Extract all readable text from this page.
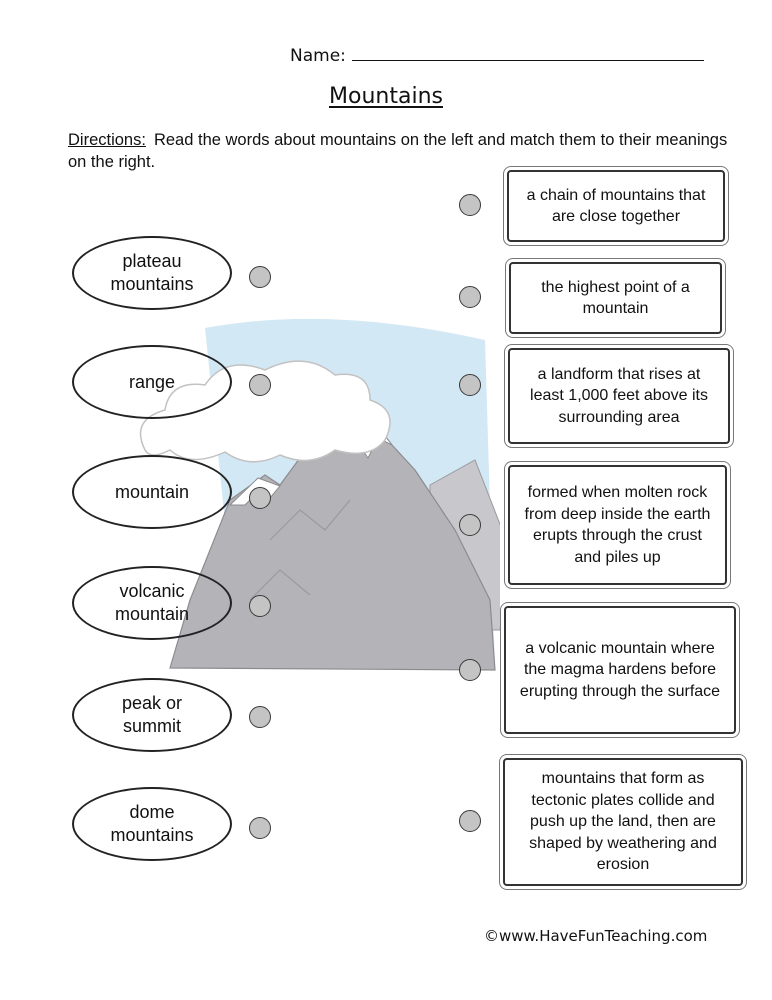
Name:
Mountains
Directions: Read the words about mountains on the left and match them to their meanings on the right.
plateau mountains
range
mountain
volcanic mountain
peak or summit
dome mountains
a chain of mountains that are close together
the highest point of a mountain
a landform that rises at least 1,000 feet above its surrounding area
formed when molten rock from deep inside the earth erupts through the crust and piles up
a volcanic mountain where the magma hardens before erupting through the surface
mountains that form as tectonic plates collide and push up the land, then are shaped by weathering and erosion
©www.HaveFunTeaching.com
